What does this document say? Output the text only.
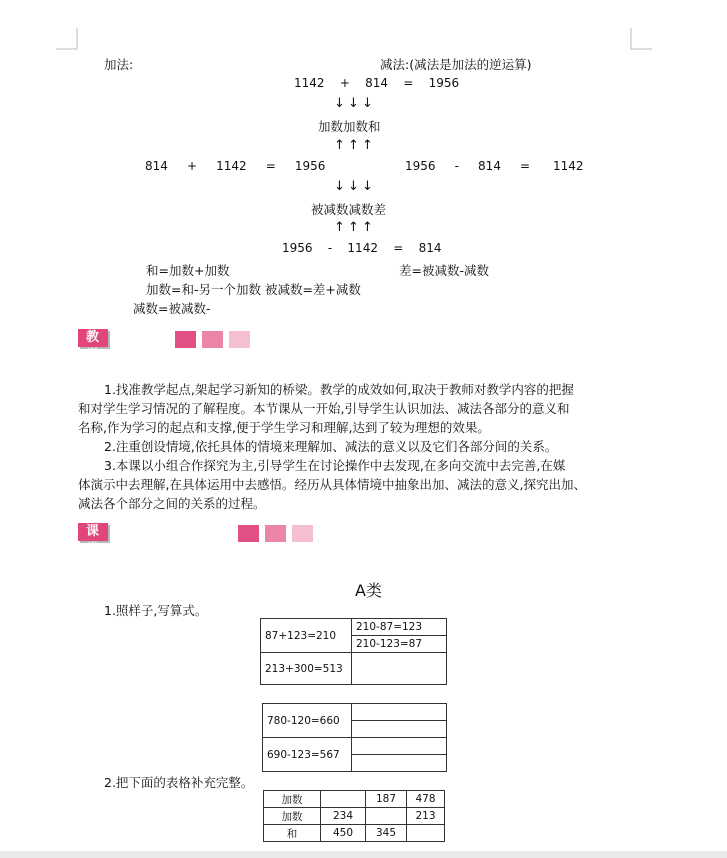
加法:	减法:(减法是加法的逆运算)
1142 + 814 = 1956
↓ ↓ ↓
加数加数和
↑ ↑ ↑
814 + 1142 = 1956	1956 - 814 = 1142
↓ ↓ ↓
被减数减数差
↑ ↑ ↑
1956 - 1142 = 814
和=加数+加数	差=被减数-减数
加数=和-另一个加数 被减数=差+减数
减数=被减数-
教学反思 1.找准教学起点,架起学习新知的桥梁。教学的成效如何,取决于教师对教学内容的把握
和对学生学习情况的了解程度。本节课从一开始,引导学生认识加法、减法各部分的意义和
名称,作为学习的起点和支撑,便于学生学习和理解,达到了较为理想的效果。
2.注重创设情境,依托具体的情境来理解加、减法的意义以及它们各部分间的关系。
3.本课以小组合作探究为主,引导学生在讨论操作中去发现,在多向交流中去完善,在媒
体演示中去理解,在具体运用中去感悟。经历从具体情境中抽象出加、减法的意义,探究出加、
减法各个部分之间的关系的过程。
课堂作业新设计
A类
1.照样子,写算式。
87+123=210	210-87=123
	210-123=87
213+300=513	
780-120=660	

690-123=567	

2.把下面的表格补充完整。
加数		187	478
加数	234		213
和	450	345	
